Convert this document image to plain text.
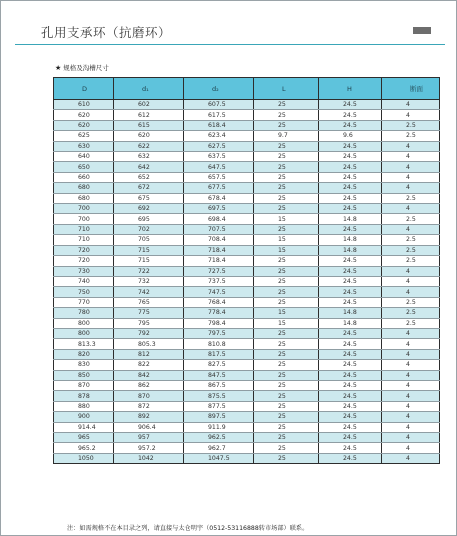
孔用支承环（抗磨环）
★ 规格及沟槽尺寸
D	d₁	d₂	L	H	断面
610	602	607.5	25	24.5	4
620	612	617.5	25	24.5	4
620	615	618.4	25	24.5	2.5
625	620	623.4	9.7	9.6	2.5
630	622	627.5	25	24.5	4
640	632	637.5	25	24.5	4
650	642	647.5	25	24.5	4
660	652	657.5	25	24.5	4
680	672	677.5	25	24.5	4
680	675	678.4	25	24.5	2.5
700	692	697.5	25	24.5	4
700	695	698.4	15	14.8	2.5
710	702	707.5	25	24.5	4
710	705	708.4	15	14.8	2.5
720	715	718.4	15	14.8	2.5
720	715	718.4	25	24.5	2.5
730	722	727.5	25	24.5	4
740	732	737.5	25	24.5	4
750	742	747.5	25	24.5	4
770	765	768.4	25	24.5	2.5
780	775	778.4	15	14.8	2.5
800	795	798.4	15	14.8	2.5
800	792	797.5	25	24.5	4
813.3	805.3	810.8	25	24.5	4
820	812	817.5	25	24.5	4
830	822	827.5	25	24.5	4
850	842	847.5	25	24.5	4
870	862	867.5	25	24.5	4
878	870	875.5	25	24.5	4
880	872	877.5	25	24.5	4
900	892	897.5	25	24.5	4
914.4	906.4	911.9	25	24.5	4
965	957	962.5	25	24.5	4
965.2	957.2	962.7	25	24.5	4
1050	1042	1047.5	25	24.5	4
注：如需规格不在本目录之列，请直接与太仓明宇（0512-53116888转市场部）联系。
